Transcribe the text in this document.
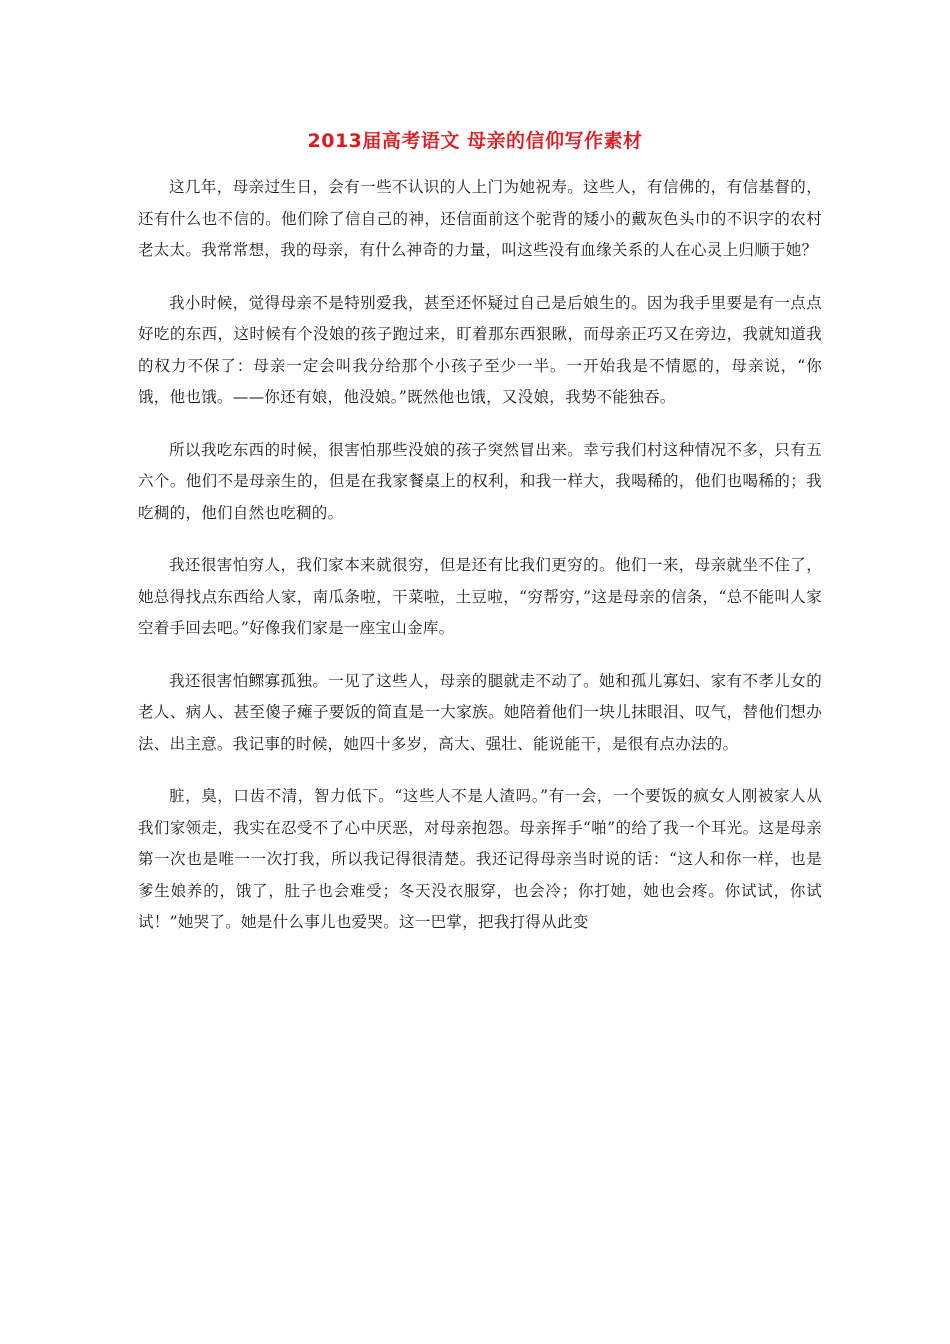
2013届高考语文 母亲的信仰写作素材

这几年，母亲过生日，会有一些不认识的人上门为她祝寿。这些人，有信佛的，有信基督的，还有什么也不信的。他们除了信自己的神，还信面前这个驼背的矮小的戴灰色头巾的不识字的农村老太太。我常常想，我的母亲，有什么神奇的力量，叫这些没有血缘关系的人在心灵上归顺于她？

我小时候，觉得母亲不是特别爱我，甚至还怀疑过自己是后娘生的。因为我手里要是有一点点好吃的东西，这时候有个没娘的孩子跑过来，盯着那东西狠瞅，而母亲正巧又在旁边，我就知道我的权力不保了：母亲一定会叫我分给那个小孩子至少一半。一开始我是不情愿的，母亲说，“你饿，他也饿。——你还有娘，他没娘。”既然他也饿，又没娘，我势不能独吞。

所以我吃东西的时候，很害怕那些没娘的孩子突然冒出来。幸亏我们村这种情况不多，只有五六个。他们不是母亲生的，但是在我家餐桌上的权利，和我一样大，我喝稀的，他们也喝稀的；我吃稠的，他们自然也吃稠的。

我还很害怕穷人，我们家本来就很穷，但是还有比我们更穷的。他们一来，母亲就坐不住了，她总得找点东西给人家，南瓜条啦，干菜啦，土豆啦，“穷帮穷，”这是母亲的信条，“总不能叫人家空着手回去吧。”好像我们家是一座宝山金库。

我还很害怕鳏寡孤独。一见了这些人，母亲的腿就走不动了。她和孤儿寡妇、家有不孝儿女的老人、病人、甚至傻子瘫子要饭的简直是一大家族。她陪着他们一块儿抹眼泪、叹气，替他们想办法、出主意。我记事的时候，她四十多岁，高大、强壮、能说能干，是很有点办法的。

脏，臭，口齿不清，智力低下。“这些人不是人渣吗。”有一会，一个要饭的疯女人刚被家人从我们家领走，我实在忍受不了心中厌恶，对母亲抱怨。母亲挥手“啪”的给了我一个耳光。这是母亲第一次也是唯一一次打我，所以我记得很清楚。我还记得母亲当时说的话：“这人和你一样，也是爹生娘养的，饿了，肚子也会难受；冬天没衣服穿，也会冷；你打她，她也会疼。你试试，你试试！”她哭了。她是什么事儿也爱哭。这一巴掌，把我打得从此变
